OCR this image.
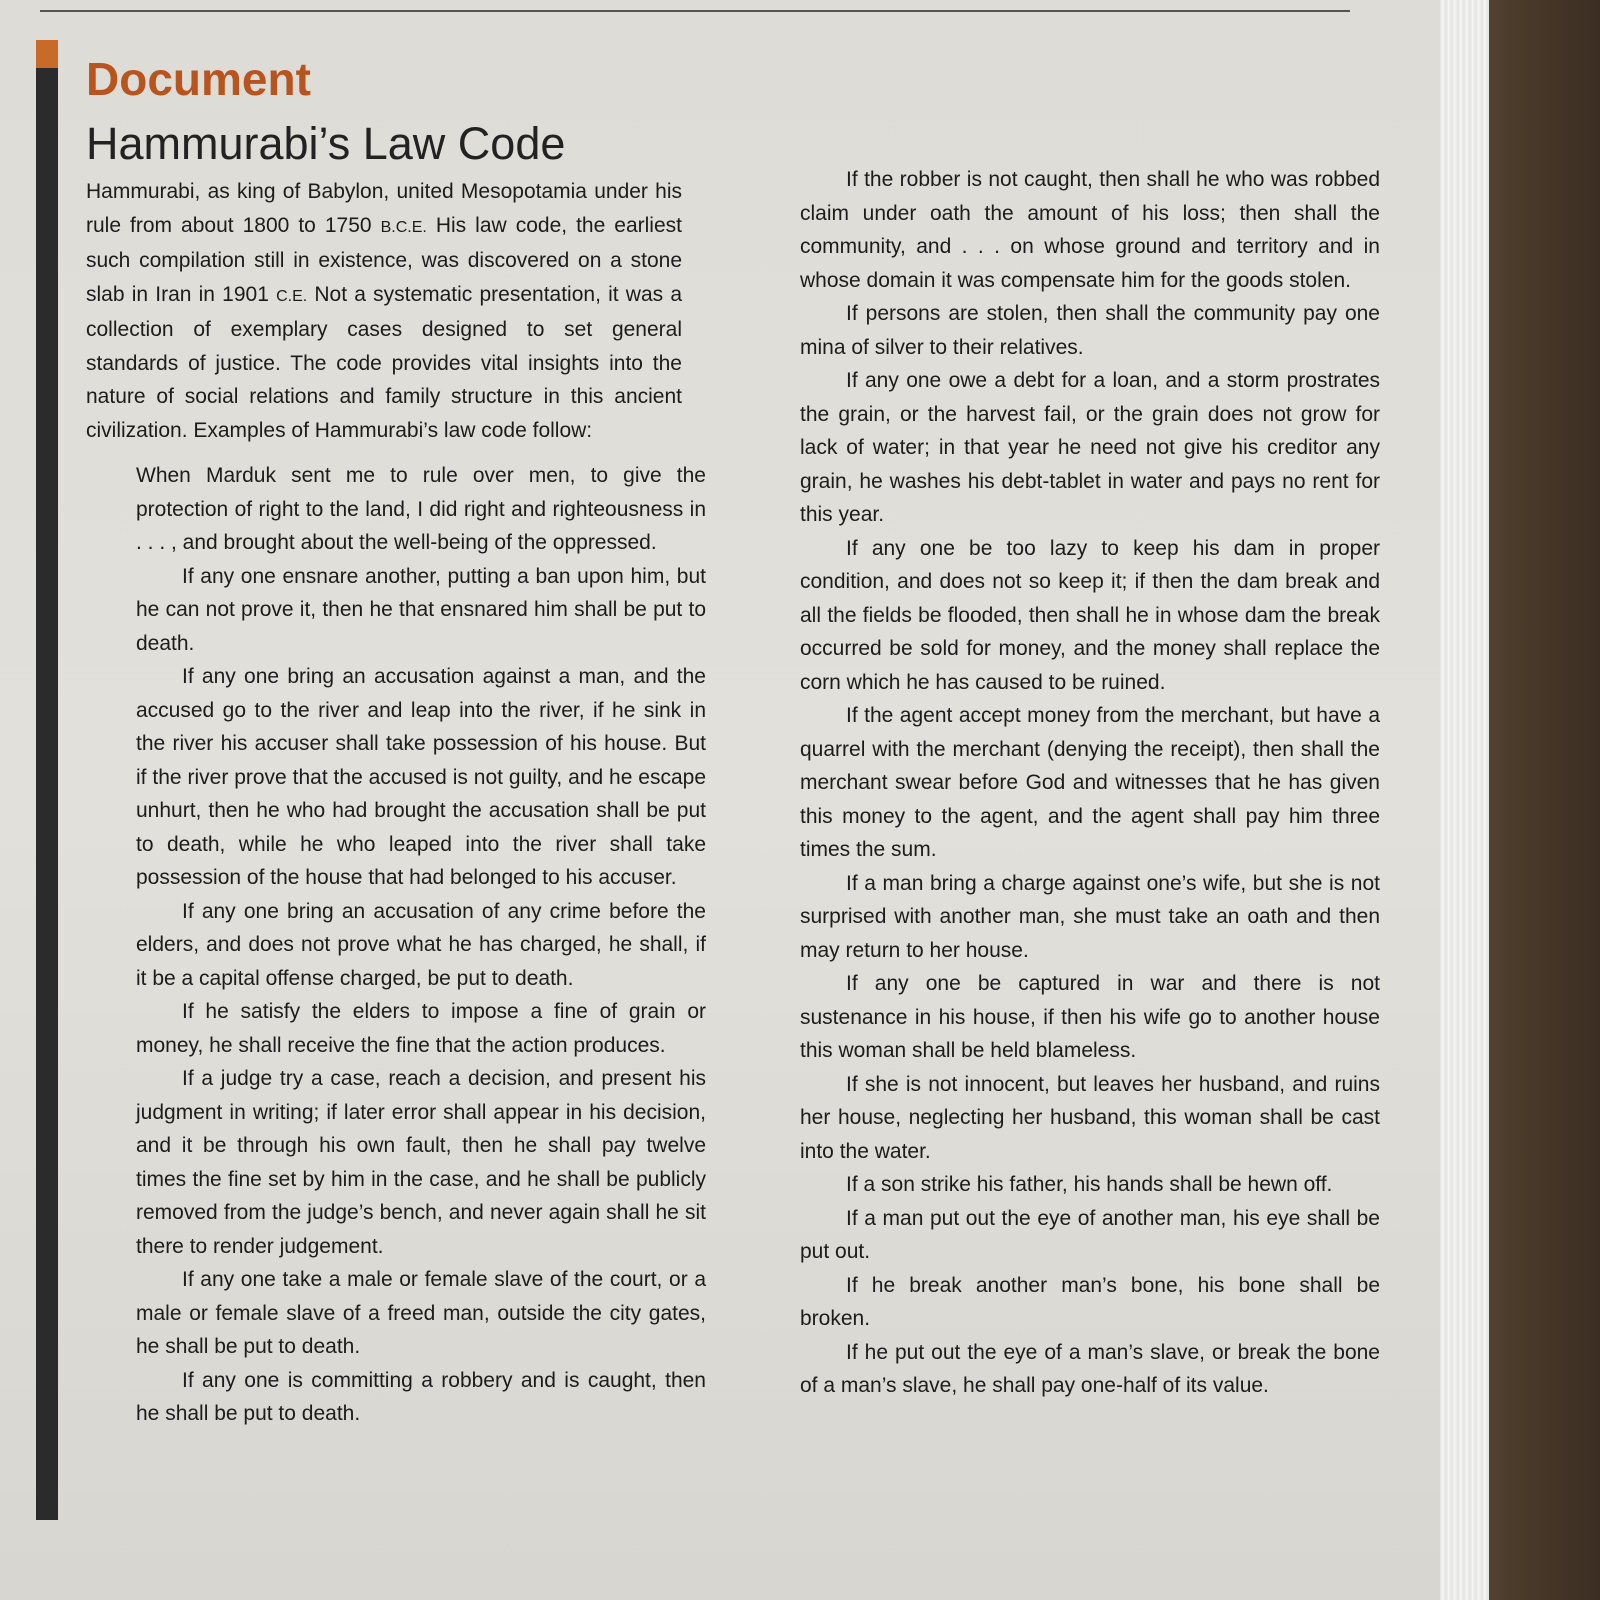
Document
Hammurabi’s Law Code

Hammurabi, as king of Babylon, united Mesopotamia under his rule from about 1800 to 1750 B.C.E. His law code, the earliest such compilation still in existence, was discovered on a stone slab in Iran in 1901 C.E. Not a systematic presentation, it was a collection of exemplary cases designed to set general standards of justice. The code provides vital insights into the nature of social relations and family structure in this ancient civilization. Examples of Hammurabi’s law code follow:

When Marduk sent me to rule over men, to give the protection of right to the land, I did right and righteousness in . . . , and brought about the well-being of the oppressed.

If any one ensnare another, putting a ban upon him, but he can not prove it, then he that ensnared him shall be put to death.

If any one bring an accusation against a man, and the accused go to the river and leap into the river, if he sink in the river his accuser shall take possession of his house. But if the river prove that the accused is not guilty, and he escape unhurt, then he who had brought the accusation shall be put to death, while he who leaped into the river shall take possession of the house that had belonged to his accuser.

If any one bring an accusation of any crime before the elders, and does not prove what he has charged, he shall, if it be a capital offense charged, be put to death.

If he satisfy the elders to impose a fine of grain or money, he shall receive the fine that the action produces.

If a judge try a case, reach a decision, and present his judgment in writing; if later error shall appear in his decision, and it be through his own fault, then he shall pay twelve times the fine set by him in the case, and he shall be publicly removed from the judge’s bench, and never again shall he sit there to render judgement.

If any one take a male or female slave of the court, or a male or female slave of a freed man, outside the city gates, he shall be put to death.

If any one is committing a robbery and is caught, then he shall be put to death.

If the robber is not caught, then shall he who was robbed claim under oath the amount of his loss; then shall the community, and . . . on whose ground and territory and in whose domain it was compensate him for the goods stolen.

If persons are stolen, then shall the community pay one mina of silver to their relatives.

If any one owe a debt for a loan, and a storm prostrates the grain, or the harvest fail, or the grain does not grow for lack of water; in that year he need not give his creditor any grain, he washes his debt-tablet in water and pays no rent for this year.

If any one be too lazy to keep his dam in proper condition, and does not so keep it; if then the dam break and all the fields be flooded, then shall he in whose dam the break occurred be sold for money, and the money shall replace the corn which he has caused to be ruined.

If the agent accept money from the merchant, but have a quarrel with the merchant (denying the receipt), then shall the merchant swear before God and witnesses that he has given this money to the agent, and the agent shall pay him three times the sum.

If a man bring a charge against one’s wife, but she is not surprised with another man, she must take an oath and then may return to her house.

If any one be captured in war and there is not sustenance in his house, if then his wife go to another house this woman shall be held blameless.

If she is not innocent, but leaves her husband, and ruins her house, neglecting her husband, this woman shall be cast into the water.

If a son strike his father, his hands shall be hewn off.

If a man put out the eye of another man, his eye shall be put out.

If he break another man’s bone, his bone shall be broken.

If he put out the eye of a man’s slave, or break the bone of a man’s slave, he shall pay one-half of its value.
